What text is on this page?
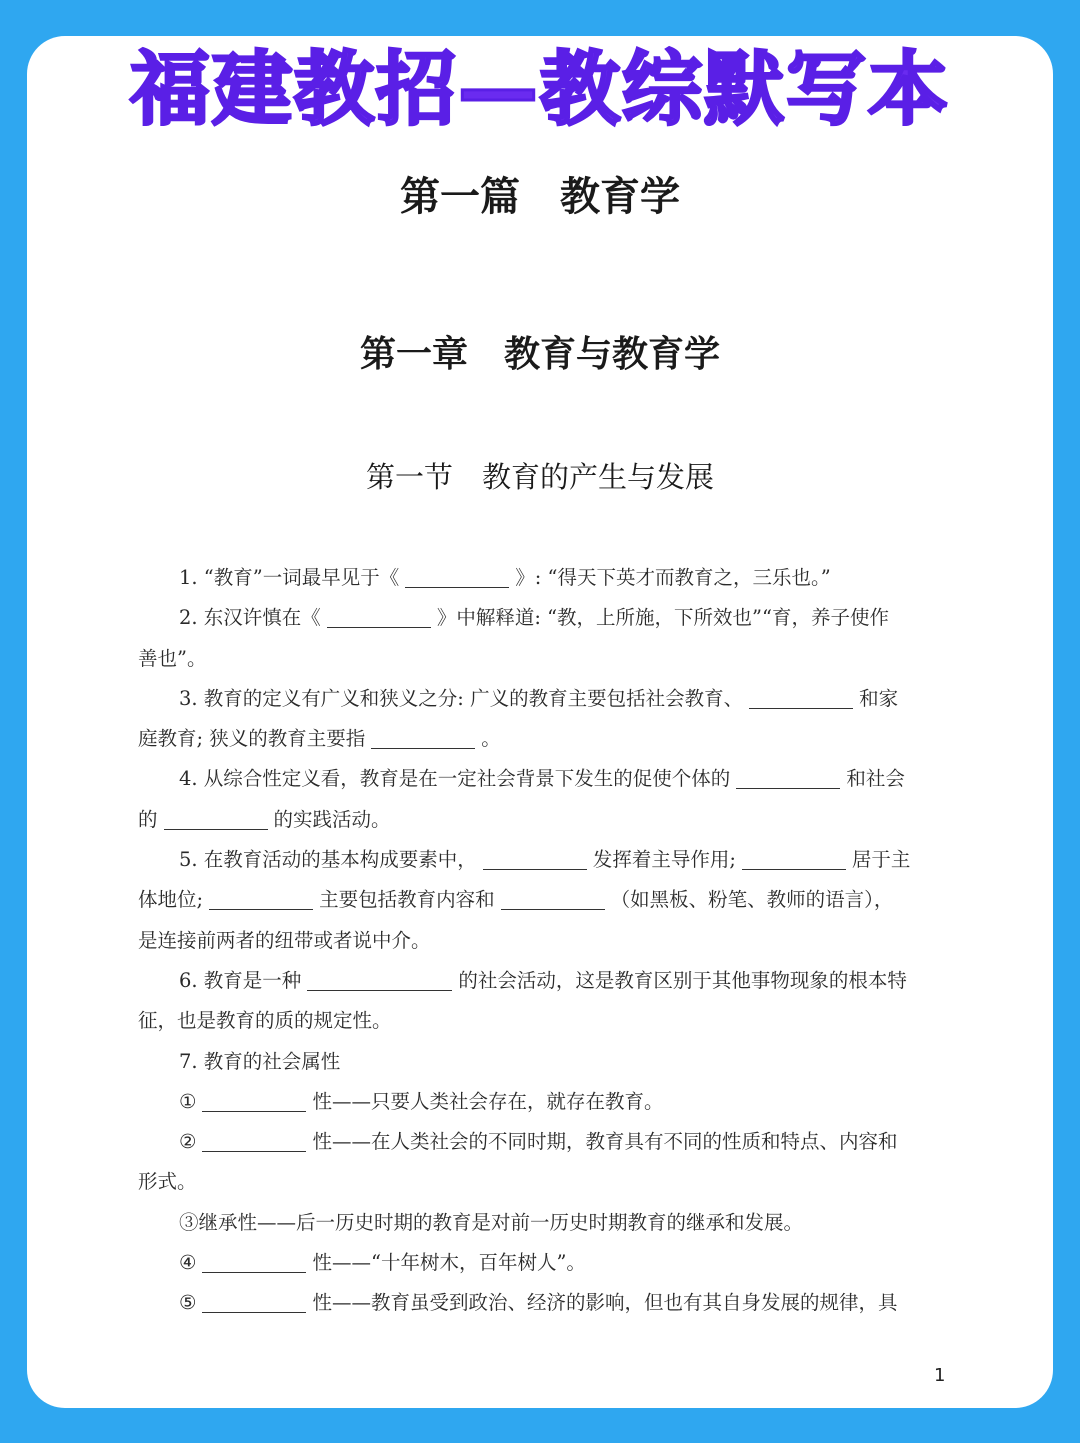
福建教招—教综默写本
第一篇　教育学
第一章　教育与教育学
第一节　教育的产生与发展
1. “教育”一词最早见于《	》: “得天下英才而教育之，三乐也。”
2. 东汉许慎在《	》中解释道: “教，上所施，下所效也”“育，养子使作
善也”。
3. 教育的定义有广义和狭义之分: 广义的教育主要包括社会教育、	和家
庭教育; 狭义的教育主要指	。
4. 从综合性定义看，教育是在一定社会背景下发生的促使个体的	和社会
的	的实践活动。
5. 在教育活动的基本构成要素中，	发挥着主导作用;	居于主
体地位;	主要包括教育内容和	（如黑板、粉笔、教师的语言），
是连接前两者的纽带或者说中介。
6. 教育是一种	的社会活动，这是教育区别于其他事物现象的根本特
征，也是教育的质的规定性。
7. 教育的社会属性
①	性——只要人类社会存在，就存在教育。
②	性——在人类社会的不同时期，教育具有不同的性质和特点、内容和
形式。
③继承性——后一历史时期的教育是对前一历史时期教育的继承和发展。
④	性——“十年树木，百年树人”。
⑤	性——教育虽受到政治、经济的影响，但也有其自身发展的规律，具
1
